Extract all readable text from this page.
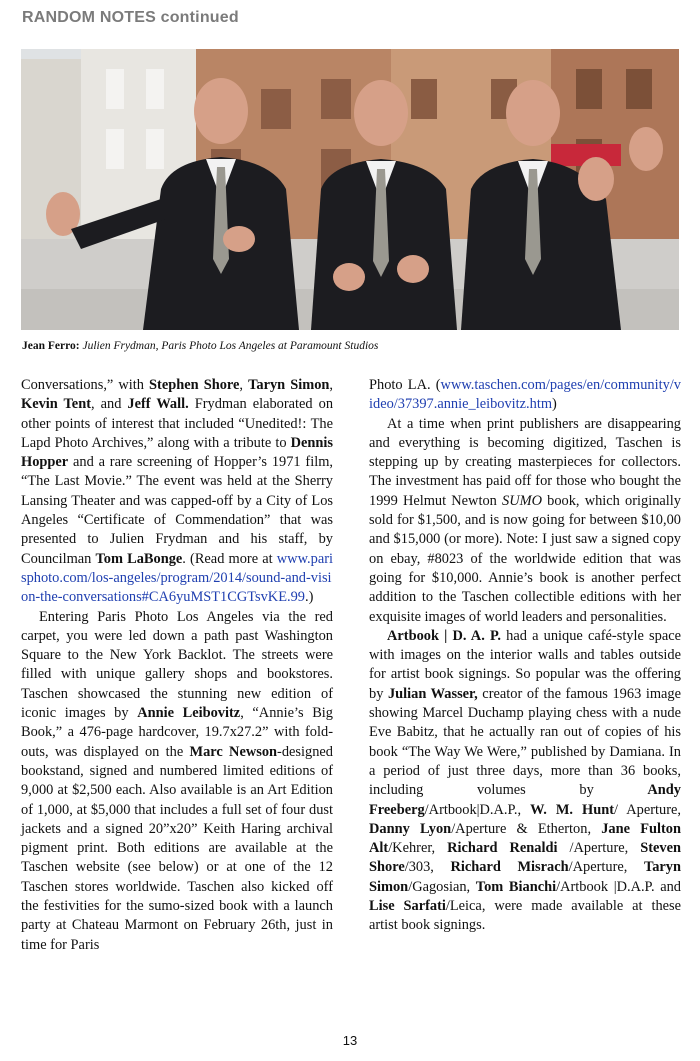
RANDOM NOTES continued
Jean Ferro: Julien Frydman, Paris Photo Los Angeles at Paramount Studios

Conversations,” with Stephen Shore, Taryn Simon, Kevin Tent, and Jeff Wall. Frydman elaborated on other points of interest that included “Unedited!: The Lapd Photo Archives,” along with a tribute to Dennis Hopper and a rare screening of Hopper’s 1971 film, “The Last Movie.” The event was held at the Sherry Lansing Theater and was capped-off by a City of Los Angeles “Certificate of Commendation” that was presented to Julien Frydman and his staff, by Councilman Tom LaBonge. (Read more at www.parisphoto.com/los-angeles/program/2014/sound-and-vision-the-conversations#CA6yuMST1CGTsvKE.99.)

Entering Paris Photo Los Angeles via the red carpet, you were led down a path past Washington Square to the New York Backlot. The streets were filled with unique gallery shops and bookstores. Taschen showcased the stunning new edition of iconic images by Annie Leibovitz, “Annie’s Big Book,” a 476-page hardcover, 19.7x27.2” with fold-outs, was displayed on the Marc Newson-designed bookstand, signed and numbered limited editions of 9,000 at $2,500 each. Also available is an Art Edition of 1,000, at $5,000 that includes a full set of four dust jackets and a signed 20”x20” Keith Haring archival pigment print. Both editions are available at the Taschen website (see below) or at one of the 12 Taschen stores worldwide. Taschen also kicked off the festivities for the sumo-sized book with a launch party at Chateau Marmont on February 26th, just in time for Paris

Photo LA. (www.taschen.com/pages/en/community/video/37397.annie_leibovitz.htm)

At a time when print publishers are disappearing and everything is becoming digitized, Taschen is stepping up by creating masterpieces for collectors. The investment has paid off for those who bought the 1999 Helmut Newton SUMO book, which originally sold for $1,500, and is now going for between $10,00 and $15,000 (or more). Note: I just saw a signed copy on ebay, #8023 of the worldwide edition that was going for $10,000. Annie’s book is another perfect addition to the Taschen collectible editions with her exquisite images of world leaders and personalities.

Artbook | D. A. P. had a unique café-style space with images on the interior walls and tables outside for artist book signings. So popular was the offering by Julian Wasser, creator of the famous 1963 image showing Marcel Duchamp playing chess with a nude Eve Babitz, that he actually ran out of copies of his book “The Way We Were,” published by Damiana. In a period of just three days, more than 36 books, including volumes by Andy Freeberg/Artbook|D.A.P., W. M. Hunt/ Aperture, Danny Lyon/Aperture & Etherton, Jane Fulton Alt/Kehrer, Richard Renaldi /Aperture, Steven Shore/303, Richard Misrach/Aperture, Taryn Simon/Gagosian, Tom Bianchi/Artbook |D.A.P. and Lise Sarfati/Leica, were made available at these artist book signings.

13
